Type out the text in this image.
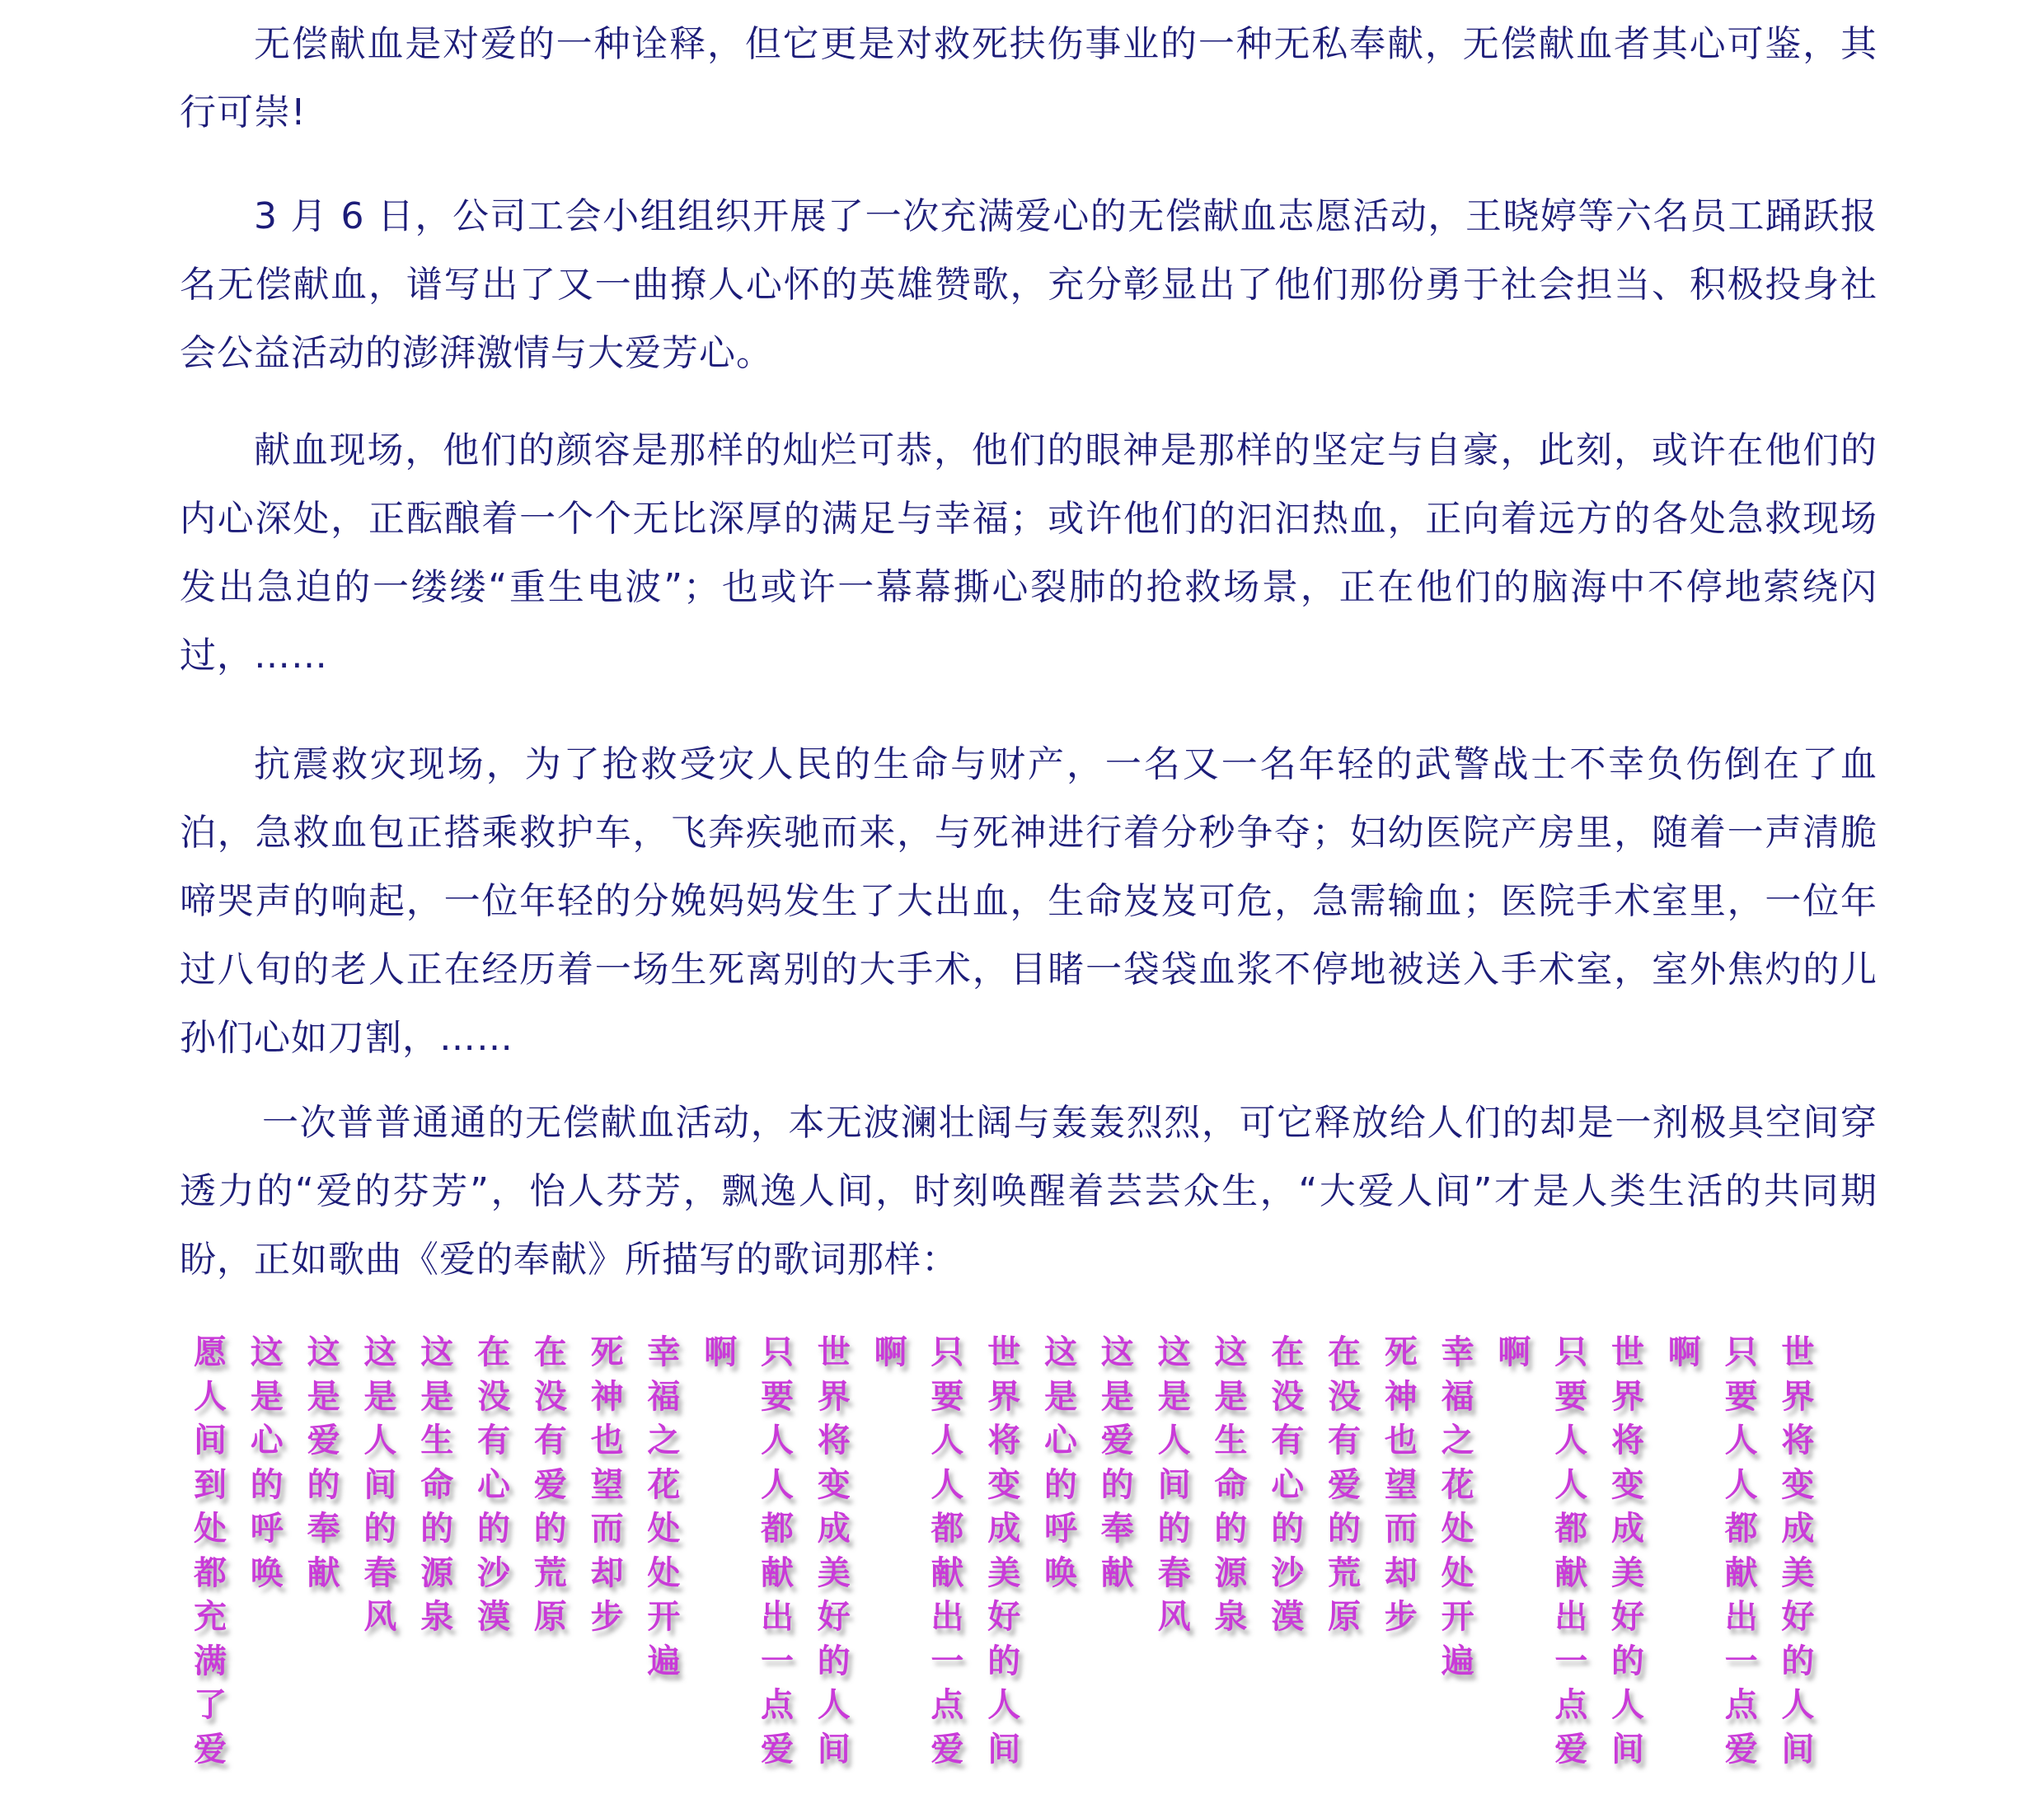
无偿献血是对爱的一种诠释，但它更是对救死扶伤事业的一种无私奉献，无偿献血者其心可鉴，其行可崇!

3 月 6 日，公司工会小组组织开展了一次充满爱心的无偿献血志愿活动，王晓婷等六名员工踊跃报名无偿献血，谱写出了又一曲撩人心怀的英雄赞歌，充分彰显出了他们那份勇于社会担当、积极投身社会公益活动的澎湃激情与大爱芳心。

献血现场，他们的颜容是那样的灿烂可恭，他们的眼神是那样的坚定与自豪，此刻，或许在他们的内心深处，正酝酿着一个个无比深厚的满足与幸福；或许他们的汩汩热血，正向着远方的各处急救现场发出急迫的一缕缕“重生电波”；也或许一幕幕撕心裂肺的抢救场景，正在他们的脑海中不停地萦绕闪过，……

抗震救灾现场，为了抢救受灾人民的生命与财产，一名又一名年轻的武警战士不幸负伤倒在了血泊，急救血包正搭乘救护车，飞奔疾驰而来，与死神进行着分秒争夺；妇幼医院产房里，随着一声清脆啼哭声的响起，一位年轻的分娩妈妈发生了大出血，生命岌岌可危，急需输血；医院手术室里，一位年过八旬的老人正在经历着一场生死离别的大手术，目睹一袋袋血浆不停地被送入手术室，室外焦灼的儿孙们心如刀割，……

一次普普通通的无偿献血活动，本无波澜壮阔与轰轰烈烈，可它释放给人们的却是一剂极具空间穿透力的“爱的芬芳”，怡人芬芳，飘逸人间，时刻唤醒着芸芸众生，“大爱人间”才是人类生活的共同期盼，正如歌曲《爱的奉献》所描写的歌词那样：

愿
人
间
到
处
都
充
满
了
爱
这
是
心
的
呼
唤
这
是
爱
的
奉
献
这
是
人
间
的
春
风
这
是
生
命
的
源
泉
在
没
有
心
的
沙
漠
在
没
有
爱
的
荒
原
死
神
也
望
而
却
步
幸
福
之
花
处
处
开
遍
啊 只
要
人
人
都
献
出
一
点
爱
世
界
将
变
成
美
好
的
人
间
啊 只
要
人
人
都
献
出
一
点
爱
世
界
将
变
成
美
好
的
人
间
这
是
心
的
呼
唤
这
是
爱
的
奉
献
这
是
人
间
的
春
风
这
是
生
命
的
源
泉
在
没
有
心
的
沙
漠
在
没
有
爱
的
荒
原
死
神
也
望
而
却
步
幸
福
之
花
处
处
开
遍
啊 只
要
人
人
都
献
出
一
点
爱
世
界
将
变
成
美
好
的
人
间
啊 只
要
人
人
都
献
出
一
点
爱
世
界
将
变
成
美
好
的
人
间
